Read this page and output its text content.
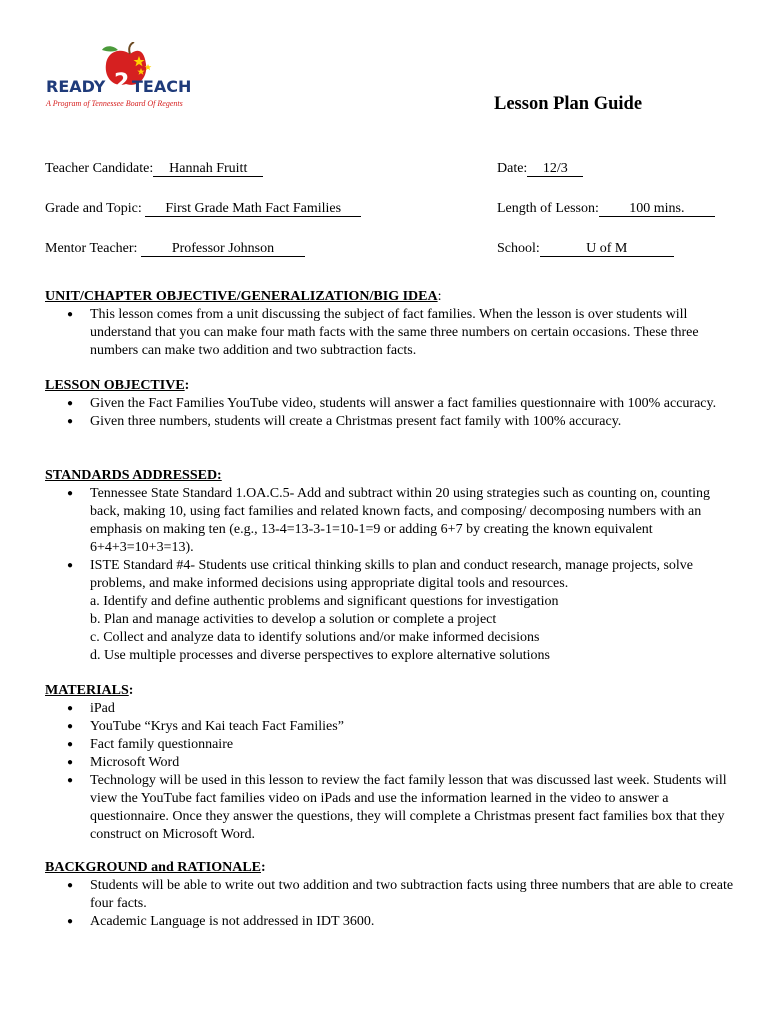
READY 2 TEACH
A Program of Tennessee Board Of Regents	Lesson Plan Guide
Teacher Candidate: Hannah Fruitt	Date: 12/3
Grade and Topic: First Grade Math Fact Families	Length of Lesson: 100 mins.
Mentor Teacher: Professor Johnson	School:	U of M
UNIT/CHAPTER OBJECTIVE/GENERALIZATION/BIG IDEA:
● This lesson comes from a unit discussing the subject of fact families. When the lesson is over students will understand that you can make four math facts with the same three numbers on certain occasions. These three numbers can make two addition and two subtraction facts.
LESSON OBJECTIVE:
● Given the Fact Families YouTube video, students will answer a fact families questionnaire with 100% accuracy.
● Given three numbers, students will create a Christmas present fact family with 100% accuracy.
STANDARDS ADDRESSED:
● Tennessee State Standard 1.OA.C.5- Add and subtract within 20 using strategies such as counting on, counting back, making 10, using fact families and related known facts, and composing/ decomposing numbers with an emphasis on making ten (e.g., 13-4=13-3-1=10-1=9 or adding 6+7 by creating the known equivalent 6+4+3=10+3=13).
● ISTE Standard #4- Students use critical thinking skills to plan and conduct research, manage projects, solve problems, and make informed decisions using appropriate digital tools and resources.
a. Identify and define authentic problems and significant questions for investigation
b. Plan and manage activities to develop a solution or complete a project
c. Collect and analyze data to identify solutions and/or make informed decisions
d. Use multiple processes and diverse perspectives to explore alternative solutions
MATERIALS:
● iPad
● YouTube “Krys and Kai teach Fact Families”
● Fact family questionnaire
● Microsoft Word
● Technology will be used in this lesson to review the fact family lesson that was discussed last week. Students will view the YouTube fact families video on iPads and use the information learned in the video to answer a questionnaire. Once they answer the questions, they will complete a Christmas present fact families box that they construct on Microsoft Word.
BACKGROUND and RATIONALE:
● Students will be able to write out two addition and two subtraction facts using three numbers that are able to create four facts.
● Academic Language is not addressed in IDT 3600.
